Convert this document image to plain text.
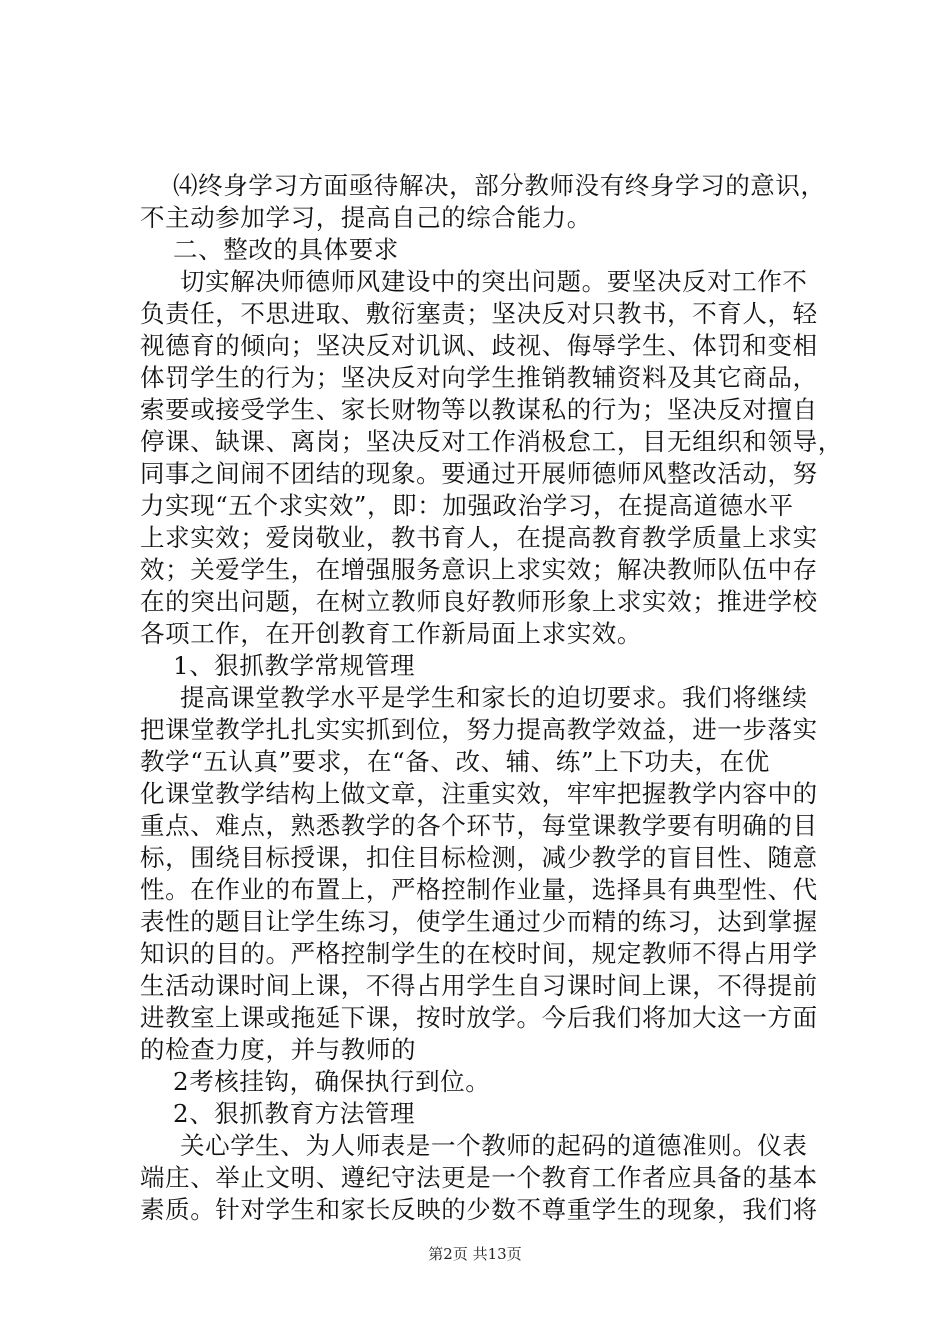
⑷终身学习方面亟待解决，部分教师没有终身学习的意识，
不主动参加学习，提高自己的综合能力。
二、整改的具体要求
切实解决师德师风建设中的突出问题。要坚决反对工作不
负责任，不思进取、敷衍塞责；坚决反对只教书，不育人，轻
视德育的倾向；坚决反对讥讽、歧视、侮辱学生、体罚和变相
体罚学生的行为；坚决反对向学生推销教辅资料及其它商品，
索要或接受学生、家长财物等以教谋私的行为；坚决反对擅自
停课、缺课、离岗；坚决反对工作消极怠工，目无组织和领导，
同事之间闹不团结的现象。要通过开展师德师风整改活动，努
力实现“五个求实效”，即：加强政治学习，在提高道德水平
上求实效；爱岗敬业，教书育人，在提高教育教学质量上求实
效；关爱学生，在增强服务意识上求实效；解决教师队伍中存
在的突出问题，在树立教师良好教师形象上求实效；推进学校
各项工作，在开创教育工作新局面上求实效。
1、狠抓教学常规管理
提高课堂教学水平是学生和家长的迫切要求。我们将继续
把课堂教学扎扎实实抓到位，努力提高教学效益，进一步落实
教学“五认真”要求，在“备、改、辅、练”上下功夫，在优
化课堂教学结构上做文章，注重实效，牢牢把握教学内容中的
重点、难点，熟悉教学的各个环节，每堂课教学要有明确的目
标，围绕目标授课，扣住目标检测，减少教学的盲目性、随意
性。在作业的布置上，严格控制作业量，选择具有典型性、代
表性的题目让学生练习，使学生通过少而精的练习，达到掌握
知识的目的。严格控制学生的在校时间，规定教师不得占用学
生活动课时间上课，不得占用学生自习课时间上课，不得提前
进教室上课或拖延下课，按时放学。今后我们将加大这一方面
的检查力度，并与教师的
2考核挂钩，确保执行到位。
2、狠抓教育方法管理
关心学生、为人师表是一个教师的起码的道德准则。仪表
端庄、举止文明、遵纪守法更是一个教育工作者应具备的基本
素质。针对学生和家长反映的少数不尊重学生的现象，我们将
第2页 共13页
